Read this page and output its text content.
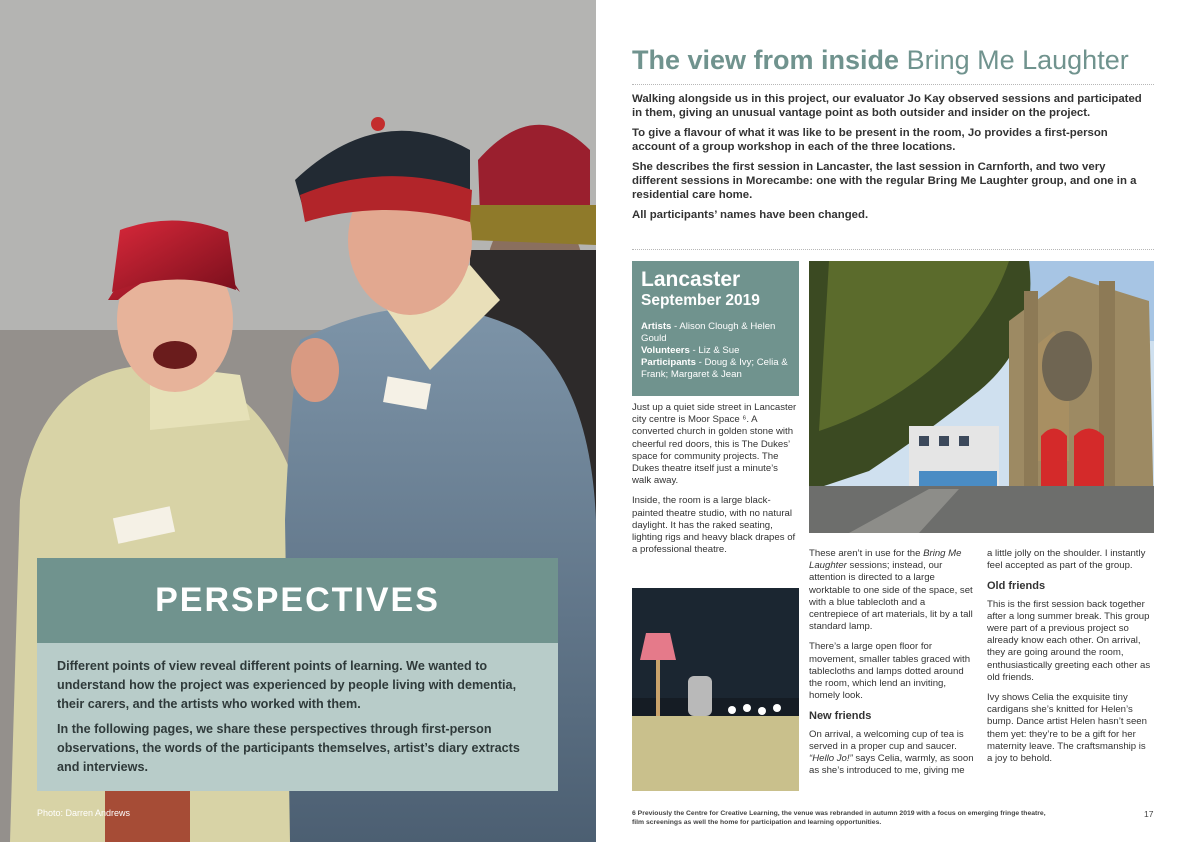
PERSPECTIVES

Different points of view reveal different points of learning. We wanted to understand how the project was experienced by people living with dementia, their carers, and the artists who worked with them.

In the following pages, we share these perspectives through first-person observations, the words of the participants themselves, artist’s diary extracts and interviews.

Photo: Darren Andrews
The view from inside Bring Me Laughter

Walking alongside us in this project, our evaluator Jo Kay observed sessions and participated in them, giving an unusual vantage point as both outsider and insider on the project.

To give a flavour of what it was like to be present in the room, Jo provides a first-person account of a group workshop in each of the three locations.

She describes the first session in Lancaster, the last session in Carnforth, and two very different sessions in Morecambe: one with the regular Bring Me Laughter group, and one in a residential care home.

All participants’ names have been changed.

Lancaster
September 2019
Artists - Alison Clough & Helen Gould
Volunteers - Liz & Sue
Participants - Doug & Ivy; Celia & Frank; Margaret & Jean

Just up a quiet side street in Lancaster city centre is Moor Space ⁶. A converted church in golden stone with cheerful red doors, this is The Dukes’ space for community projects. The Dukes theatre itself just a minute’s walk away.

Inside, the room is a large black-painted theatre studio, with no natural daylight. It has the raked seating, lighting rigs and heavy black drapes of a professional theatre.	These aren’t in use for the Bring Me Laughter sessions; instead, our attention is directed to a large worktable to one side of the space, set with a blue tablecloth and a centrepiece of art materials, lit by a tall standard lamp.

There’s a large open floor for movement, smaller tables graced with tablecloths and lamps dotted around the room, which lend an inviting, homely look.

New friends

On arrival, a welcoming cup of tea is served in a proper cup and saucer. “Hello Jo!” says Celia, warmly, as soon as she’s introduced to me, giving me

a little jolly on the shoulder. I instantly feel accepted as part of the group.

Old friends

This is the first session back together after a long summer break. This group were part of a previous project so already know each other. On arrival, they are going around the room, enthusiastically greeting each other as old friends.

Ivy shows Celia the exquisite tiny cardigans she’s knitted for Helen’s bump. Dance artist Helen hasn’t seen them yet: they’re to be a gift for her maternity leave. The craftsmanship is a joy to behold.

6 Previously the Centre for Creative Learning, the venue was rebranded in autumn 2019 with a focus on emerging fringe theatre, film screenings as well the home for participation and learning opportunities.
17
